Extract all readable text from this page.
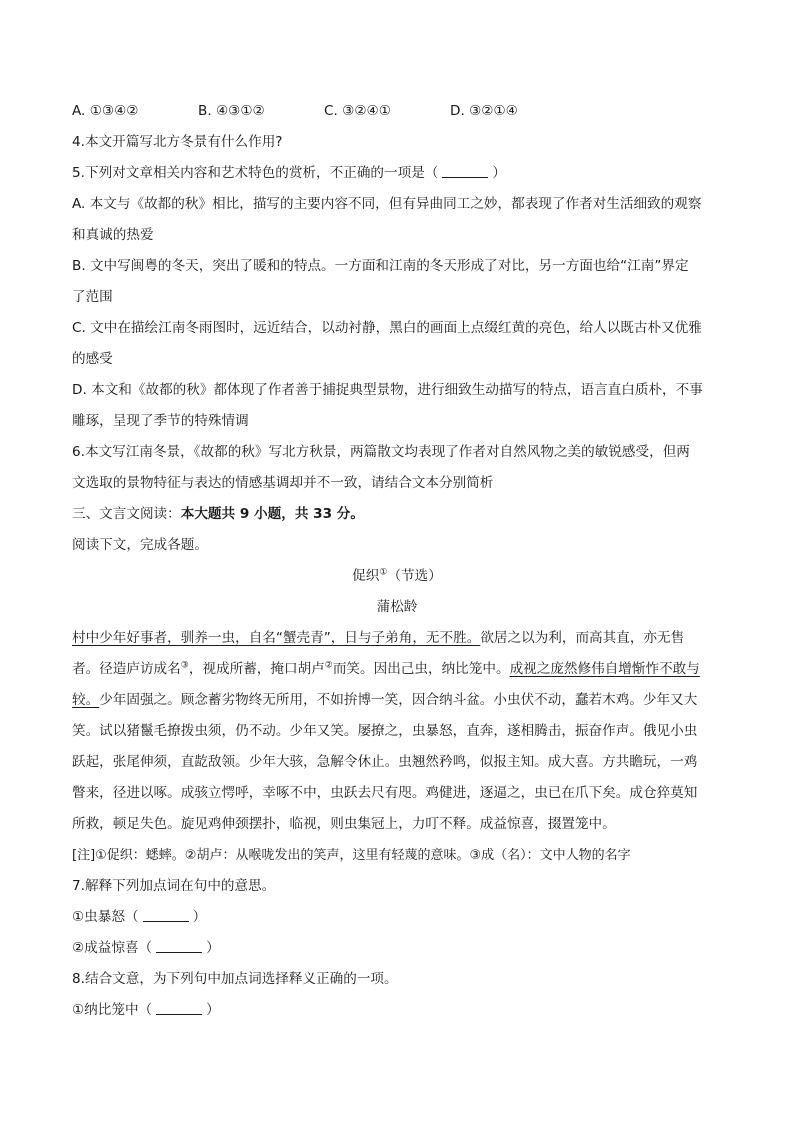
A. ①③④②	B. ④③①②	C. ③②④①	D. ③②①④
4.本文开篇写北方冬景有什么作用?
5.下列对文章相关内容和艺术特色的赏析，不正确的一项是（	）
A. 本文与《故都的秋》相比，描写的主要内容不同，但有异曲同工之妙，都表现了作者对生活细致的观察
和真诚的热爱
B. 文中写闽粤的冬天，突出了暖和的特点。一方面和江南的冬天形成了对比，另一方面也给“江南”界定
了范围
C. 文中在描绘江南冬雨图时，远近结合，以动衬静，黑白的画面上点缀红黄的亮色，给人以既古朴又优雅
的感受
D. 本文和《故都的秋》都体现了作者善于捕捉典型景物，进行细致生动描写的特点，语言直白质朴，不事
雕琢，呈现了季节的特殊情调
6.本文写江南冬景，《故都的秋》写北方秋景，两篇散文均表现了作者对自然风物之美的敏锐感受，但两
文选取的景物特征与表达的情感基调却并不一致，请结合文本分别简析
三、文言文阅读：本大题共 9 小题，共 33 分。
阅读下文，完成各题。
促织①（节选）
蒲松龄
村中少年好事者，驯养一虫，自名“蟹壳青”，日与子弟角，无不胜。欲居之以为利，而高其直，亦无售
者。径造庐访成名③，视成所蓄，掩口胡卢②而笑。因出己虫，纳比笼中。成视之庞然修伟自增惭怍不敢与
较。少年固强之。顾念蓄劣物终无所用，不如拚博一笑，因合纳斗盆。小虫伏不动，蠢若木鸡。少年又大
笑。试以猪鬣毛撩拨虫须，仍不动。少年又笑。屡撩之，虫暴怒，直奔，遂相腾击，振奋作声。俄见小虫
跃起，张尾伸须，直龁敌领。少年大骇，急解令休止。虫翘然矜鸣，似报主知。成大喜。方共瞻玩，一鸡
瞥来，径进以啄。成骇立愕呼，幸啄不中，虫跃去尺有咫。鸡健进，逐逼之，虫已在爪下矣。成仓猝莫知
所救，顿足失色。旋见鸡伸颈摆扑，临视，则虫集冠上，力叮不释。成益惊喜，掇置笼中。
[注]①促织：蟋蟀。②胡卢：从喉咙发出的笑声，这里有轻蔑的意味。③成（名）：文中人物的名字
7.解释下列加点词在句中的意思。
①虫暴怒（	）
②成益惊喜（	）
8.结合文意，为下列句中加点词选择释义正确的一项。
①纳比笼中（	）
